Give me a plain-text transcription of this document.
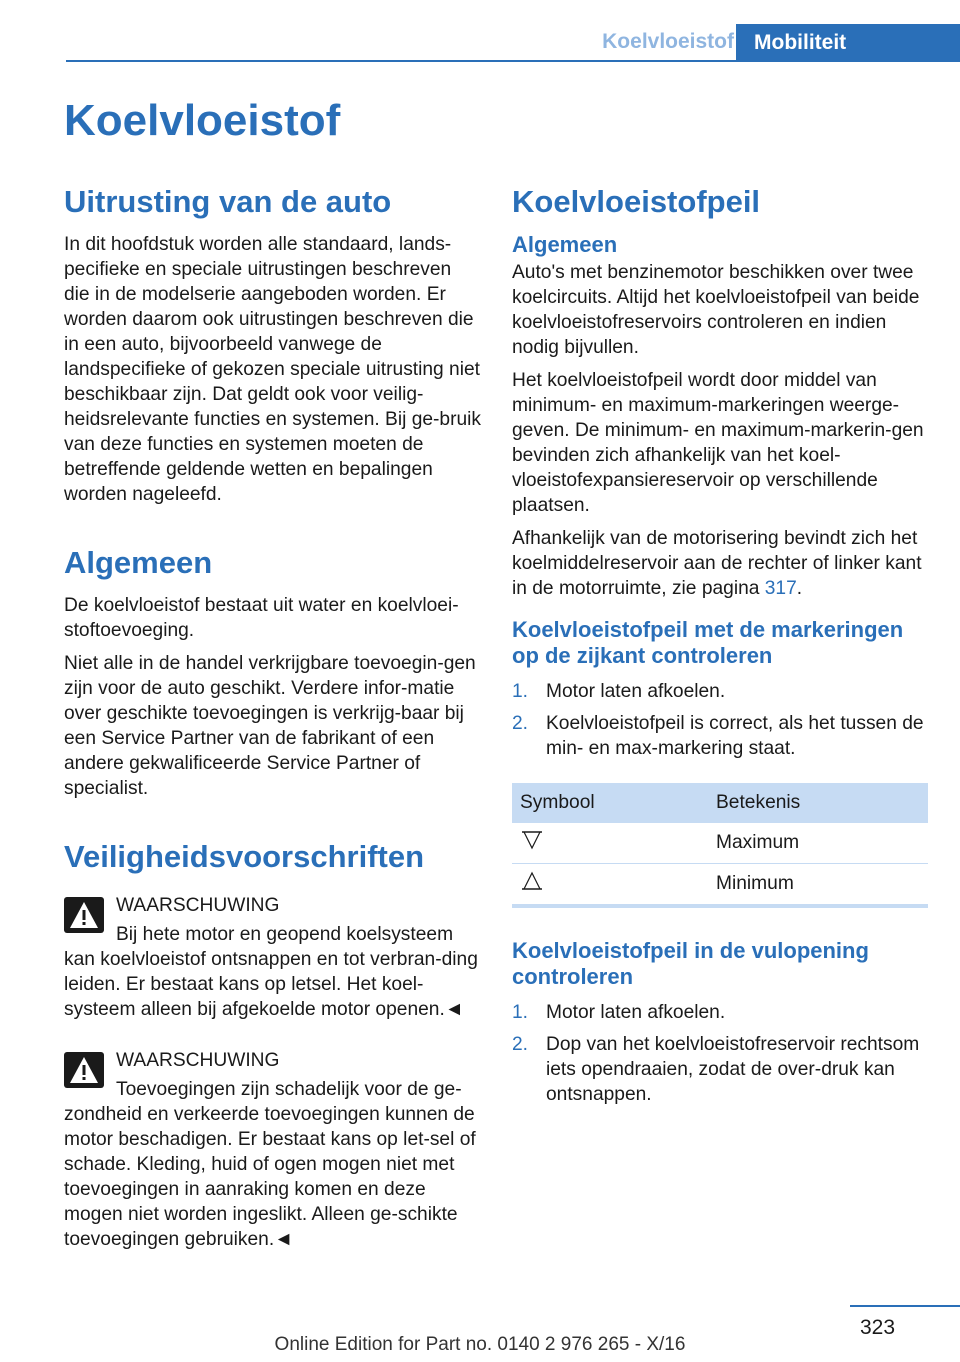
Koelvloeistof Mobiliteit
Koelvloeistof
Uitrusting van de auto

In dit hoofdstuk worden alle standaard, lands-pecifieke en speciale uitrustingen beschreven die in de modelserie aangeboden worden. Er worden daarom ook uitrustingen beschreven die in een auto, bijvoorbeeld vanwege de landspecifieke of gekozen speciale uitrusting niet beschikbaar zijn. Dat geldt ook voor veilig-heidsrelevante functies en systemen. Bij ge-bruik van deze functies en systemen moeten de betreffende geldende wetten en bepalingen worden nageleefd.

Algemeen

De koelvloeistof bestaat uit water en koelvloei-stoftoevoeging.

Niet alle in de handel verkrijgbare toevoegin-gen zijn voor de auto geschikt. Verdere infor-matie over geschikte toevoegingen is verkrijg-baar bij een Service Partner van de fabrikant of een andere gekwalificeerde Service Partner of specialist.

Veiligheidsvoorschriften

WAARSCHUWING

Bij hete motor en geopend koelsysteem kan koelvloeistof ontsnappen en tot verbran-ding leiden. Er bestaat kans op letsel. Het koel-systeem alleen bij afgekoelde motor openen.◄

WAARSCHUWING

Toevoegingen zijn schadelijk voor de ge-zondheid en verkeerde toevoegingen kunnen de motor beschadigen. Er bestaat kans op let-sel of schade. Kleding, huid of ogen mogen niet met toevoegingen in aanraking komen en deze mogen niet worden ingeslikt. Alleen ge-schikte toevoegingen gebruiken.◄

Koelvloeistofpeil
Algemeen

Auto's met benzinemotor beschikken over twee koelcircuits. Altijd het koelvloeistofpeil van beide koelvloeistofreservoirs controleren en indien nodig bijvullen.

Het koelvloeistofpeil wordt door middel van minimum- en maximum-markeringen weerge-geven. De minimum- en maximum-markerin-gen bevinden zich afhankelijk van het koel-vloeistofexpansiereservoir op verschillende plaatsen.

Afhankelijk van de motorisering bevindt zich het koelmiddelreservoir aan de rechter of linker kant in de motorruimte, zie pagina 317.

Koelvloeistofpeil met de markeringen op de zijkant controleren
1. Motor laten afkoelen.
2. Koelvloeistofpeil is correct, als het tussen de min- en max-markering staat.
Symbool	Betekenis
	Maximum
	Minimum
Koelvloeistofpeil in de vulopening controleren
1. Motor laten afkoelen.
2. Dop van het koelvloeistofreservoir rechtsom iets opendraaien, zodat de over-druk kan ontsnappen.
323
Online Edition for Part no. 0140 2 976 265 - X/16
